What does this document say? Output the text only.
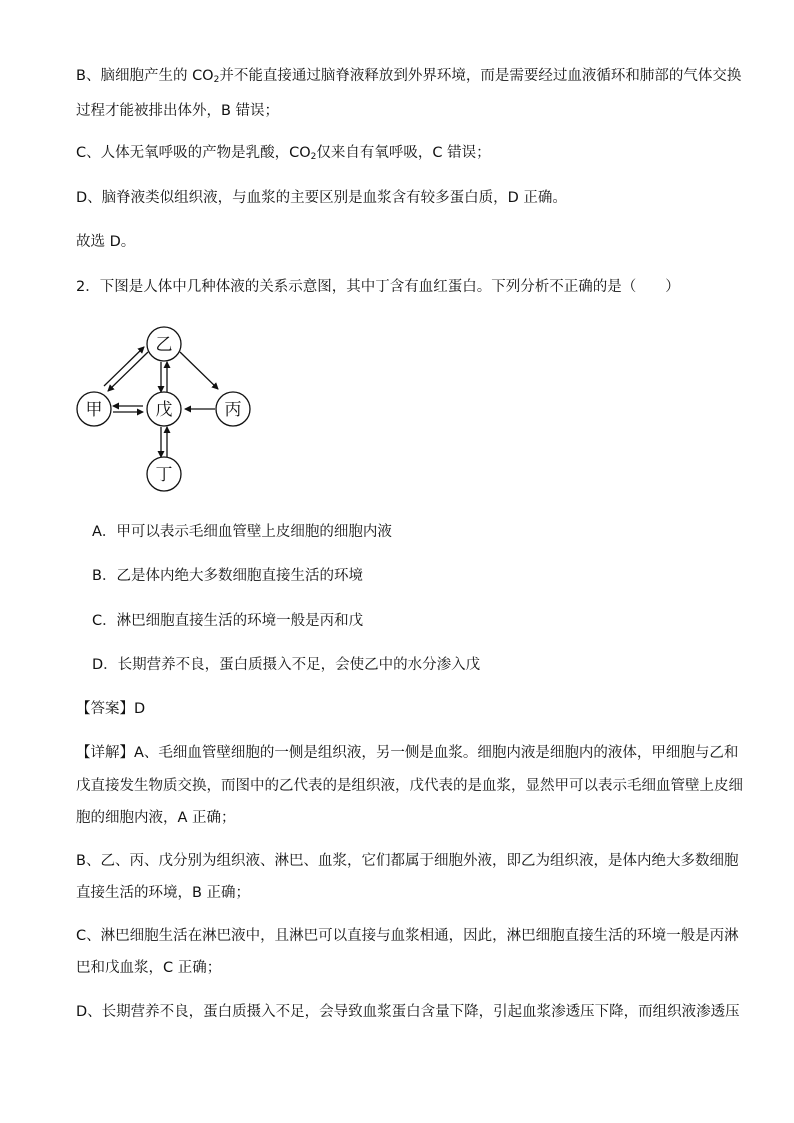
B、脑细胞产生的 $CO_2$并不能直接通过脑脊液释放到外界环境，而是需要经过血液循环和肺部的气体交换
过程才能被排出体外，B 错误；
C、人体无氧呼吸的产物是乳酸，$CO_2$仅来自有氧呼吸，C 错误；
D、脑脊液类似组织液，与血浆的主要区别是血浆含有较多蛋白质，D 正确。
故选 D。
2．下图是人体中几种体液的关系示意图，其中丁含有血红蛋白。下列分析不正确的是（　　）
乙
甲	戊	丙
丁
A．甲可以表示毛细血管壁上皮细胞的细胞内液
B．乙是体内绝大多数细胞直接生活的环境
C．淋巴细胞直接生活的环境一般是丙和戊
D．长期营养不良，蛋白质摄入不足，会使乙中的水分渗入戊
【答案】D
【详解】A、毛细血管壁细胞的一侧是组织液，另一侧是血浆。细胞内液是细胞内的液体，甲细胞与乙和
戊直接发生物质交换，而图中的乙代表的是组织液，戊代表的是血浆，显然甲可以表示毛细血管壁上皮细
胞的细胞内液，A 正确；
B、乙、丙、戊分别为组织液、淋巴、血浆，它们都属于细胞外液，即乙为组织液，是体内绝大多数细胞
直接生活的环境，B 正确；
C、淋巴细胞生活在淋巴液中，且淋巴可以直接与血浆相通，因此，淋巴细胞直接生活的环境一般是丙淋
巴和戊血浆，C 正确；
D、长期营养不良，蛋白质摄入不足，会导致血浆蛋白含量下降，引起血浆渗透压下降，而组织液渗透压
